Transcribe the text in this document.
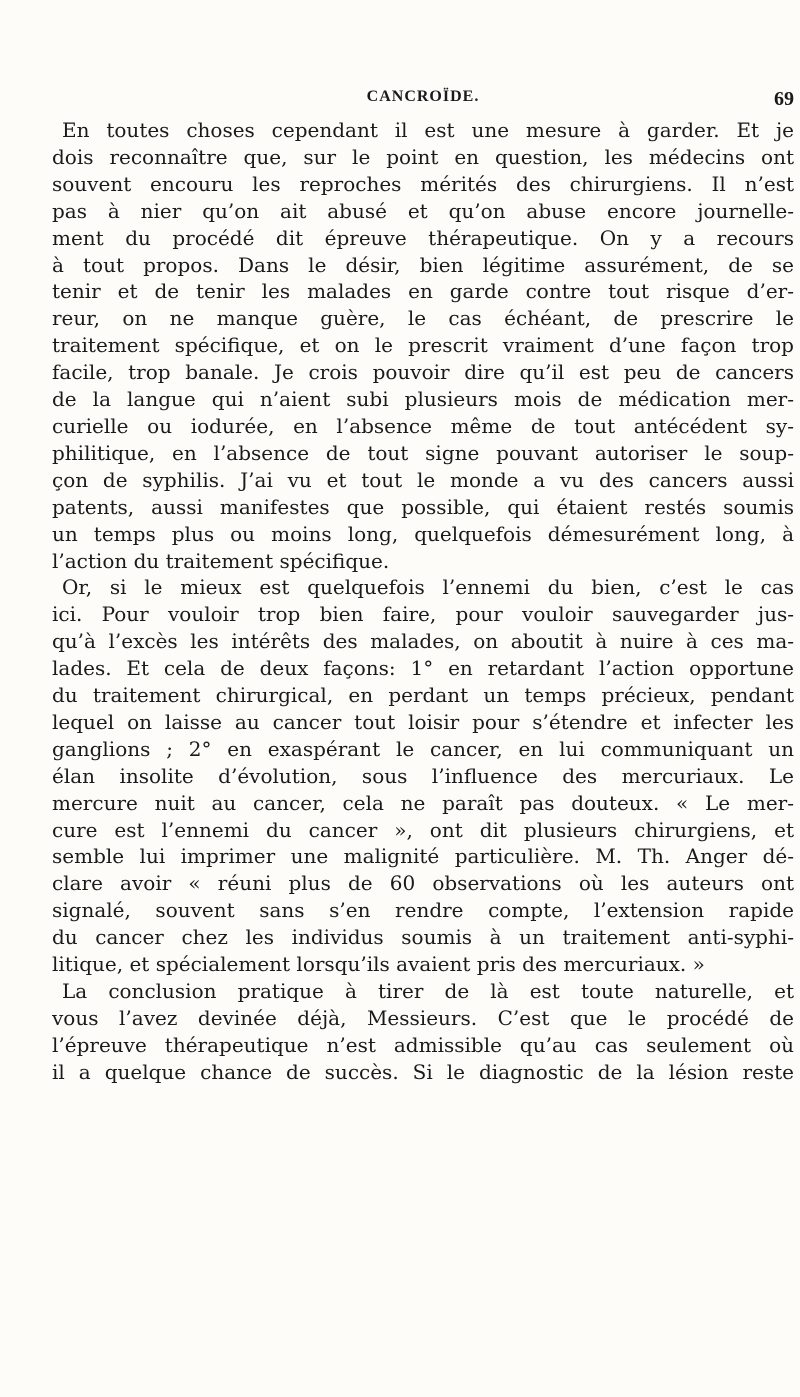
CANCROÏDE.	69
En toutes choses cependant il est une mesure à garder. Et je
dois reconnaître que, sur le point en question, les médecins ont
souvent encouru les reproches mérités des chirurgiens. Il n’est
pas à nier qu’on ait abusé et qu’on abuse encore journelle-
ment du procédé dit épreuve thérapeutique. On y a recours
à tout propos. Dans le désir, bien légitime assurément, de se
tenir et de tenir les malades en garde contre tout risque d’er-
reur, on ne manque guère, le cas échéant, de prescrire le
traitement spécifique, et on le prescrit vraiment d’une façon trop
facile, trop banale. Je crois pouvoir dire qu’il est peu de cancers
de la langue qui n’aient subi plusieurs mois de médication mer-
curielle ou iodurée, en l’absence même de tout antécédent sy-
philitique, en l’absence de tout signe pouvant autoriser le soup-
çon de syphilis. J’ai vu et tout le monde a vu des cancers aussi
patents, aussi manifestes que possible, qui étaient restés soumis
un temps plus ou moins long, quelquefois démesurément long, à
l’action du traitement spécifique.
Or, si le mieux est quelquefois l’ennemi du bien, c’est le cas
ici. Pour vouloir trop bien faire, pour vouloir sauvegarder jus-
qu’à l’excès les intérêts des malades, on aboutit à nuire à ces ma-
lades. Et cela de deux façons: 1° en retardant l’action opportune
du traitement chirurgical, en perdant un temps précieux, pendant
lequel on laisse au cancer tout loisir pour s’étendre et infecter les
ganglions ; 2° en exaspérant le cancer, en lui communiquant un
élan insolite d’évolution, sous l’influence des mercuriaux. Le
mercure nuit au cancer, cela ne paraît pas douteux. « Le mer-
cure est l’ennemi du cancer », ont dit plusieurs chirurgiens, et
semble lui imprimer une malignité particulière. M. Th. Anger dé-
clare avoir « réuni plus de 60 observations où les auteurs ont
signalé, souvent sans s’en rendre compte, l’extension rapide
du cancer chez les individus soumis à un traitement anti-syphi-
litique, et spécialement lorsqu’ils avaient pris des mercuriaux. »
La conclusion pratique à tirer de là est toute naturelle, et
vous l’avez devinée déjà, Messieurs. C’est que le procédé de
l’épreuve thérapeutique n’est admissible qu’au cas seulement où
il a quelque chance de succès. Si le diagnostic de la lésion reste
